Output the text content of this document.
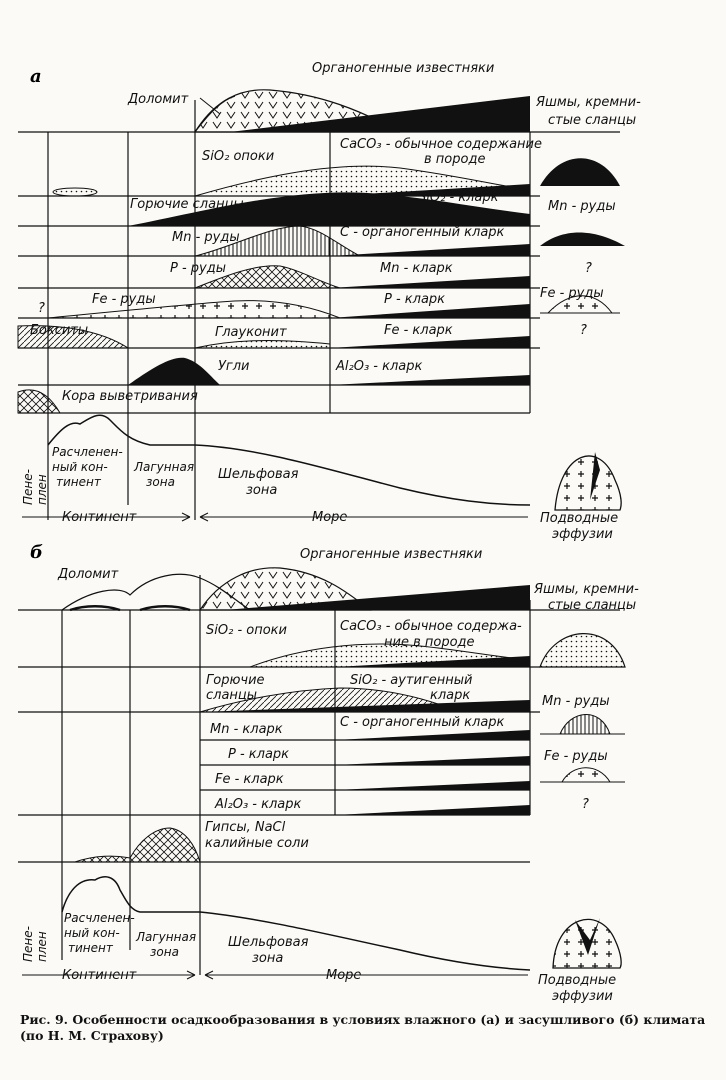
а
Доломит
Органогенные известняки
Яшмы, кремни-
стые сланцы
SiO₂ опоки
CaCO₃ - обычное содержание
в породе
Горючие сланцы	SiO₂ - кларк
Mn - руды	C - органогенный кларк
Mn - руды
P - руды	Mn - кларк	?
Fe - руды	P - кларк	Fe - руды
?
Бокситы	Глауконит	Fe - кларк	?
Угли	Al₂O₃ - кларк
Кора выветривания
Пене- плен
Расчленен-
ный кон-
тинент
Лагунная
зона	Шельфовая
зона
Континент	Море	Подводные
эффузии
б
Доломит
Органогенные известняки
Яшмы, кремни-
стые сланцы
SiO₂ - опоки	CaCO₃ - обычное содержа-
ние в породе
Горючие
сланцы
SiO₂ - аутигенный
кларк	Mn - руды
Mn - кларк	C - органогенный кларк
P - кларк	Fe - руды
Fe - кларк
Al₂O₃ - кларк	?
Гипсы, NaCl
калийные соли
Пене- плен
Расчленен-
ный кон-
тинент
Лагунная
зона
Шельфовая
зона
Континент	Море	Подводные
эффузии
Рис. 9. Особенности осадкообразования в условиях влажного (а) и засушливого (б) климата (по Н. М. Страхову)
